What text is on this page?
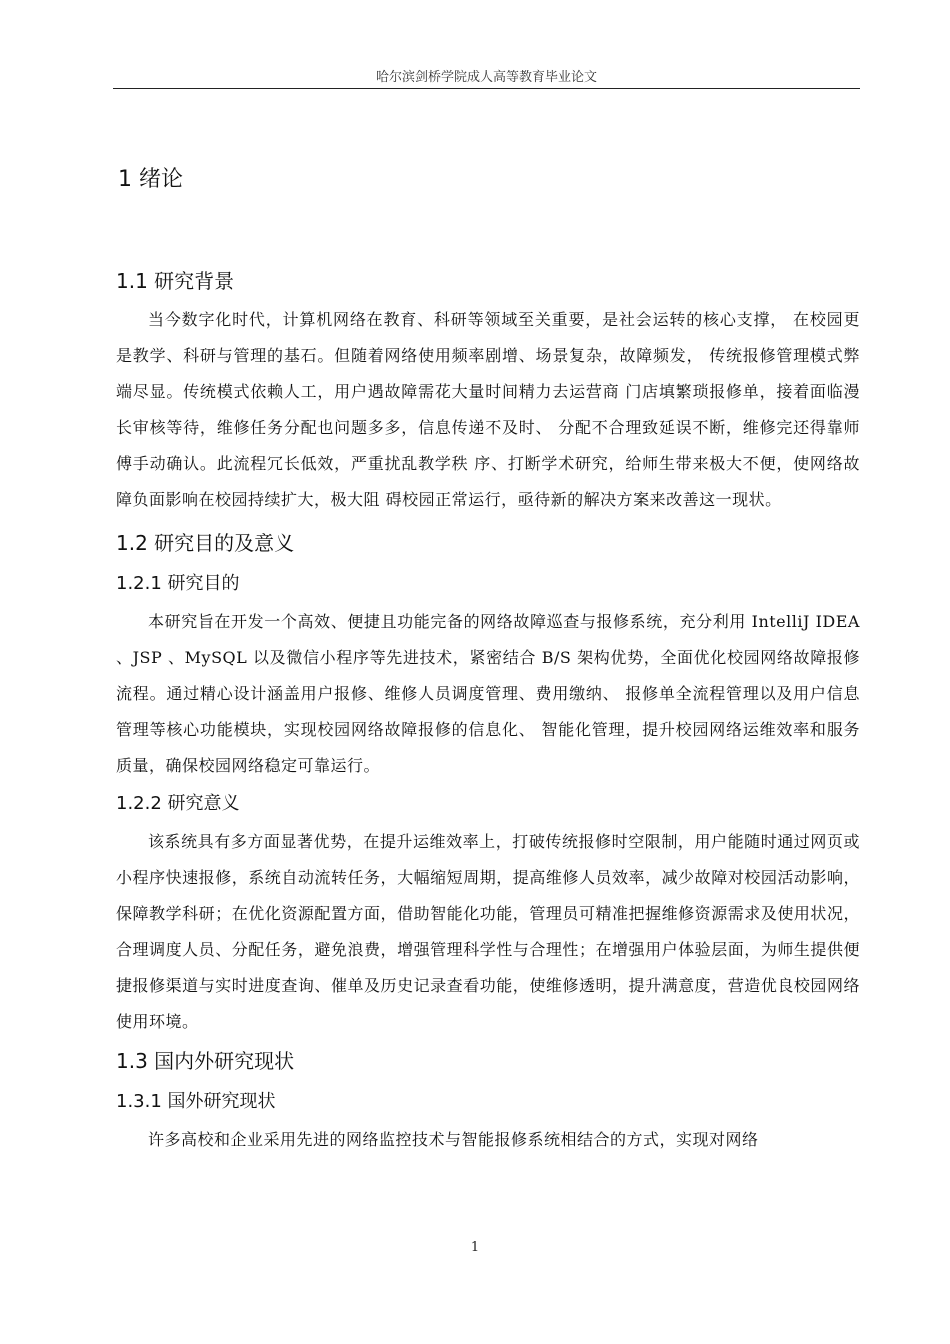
哈尔滨剑桥学院成人高等教育毕业论文
1 绪论
1.1 研究背景

当今数字化时代，计算机网络在教育、科研等领域至关重要，是社会运转的核心支撑， 在校园更是教学、科研与管理的基石。但随着网络使用频率剧增、场景复杂，故障频发， 传统报修管理模式弊端尽显。传统模式依赖人工，用户遇故障需花大量时间精力去运营商 门店填繁琐报修单，接着面临漫长审核等待，维修任务分配也问题多多，信息传递不及时、 分配不合理致延误不断，维修完还得靠师傅手动确认。此流程冗长低效，严重扰乱教学秩 序、打断学术研究，给师生带来极大不便，使网络故障负面影响在校园持续扩大，极大阻 碍校园正常运行，亟待新的解决方案来改善这一现状。

1.2 研究目的及意义
1.2.1 研究目的

本研究旨在开发一个高效、便捷且功能完备的网络故障巡查与报修系统，充分利用 IntelliJ IDEA 、JSP 、MySQL 以及微信小程序等先进技术，紧密结合 B/S 架构优势，全面优化校园网络故障报修流程。通过精心设计涵盖用户报修、维修人员调度管理、费用缴纳、 报修单全流程管理以及用户信息管理等核心功能模块，实现校园网络故障报修的信息化、 智能化管理，提升校园网络运维效率和服务质量，确保校园网络稳定可靠运行。

1.2.2 研究意义

该系统具有多方面显著优势，在提升运维效率上，打破传统报修时空限制，用户能随时通过网页或小程序快速报修，系统自动流转任务，大幅缩短周期，提高维修人员效率，减少故障对校园活动影响，保障教学科研；在优化资源配置方面，借助智能化功能，管理员可精准把握维修资源需求及使用状况，合理调度人员、分配任务，避免浪费，增强管理科学性与合理性；在增强用户体验层面，为师生提供便捷报修渠道与实时进度查询、催单及历史记录查看功能，使维修透明，提升满意度，营造优良校园网络使用环境。

1.3 国内外研究现状
1.3.1 国外研究现状

许多高校和企业采用先进的网络监控技术与智能报修系统相结合的方式，实现对网络

1
